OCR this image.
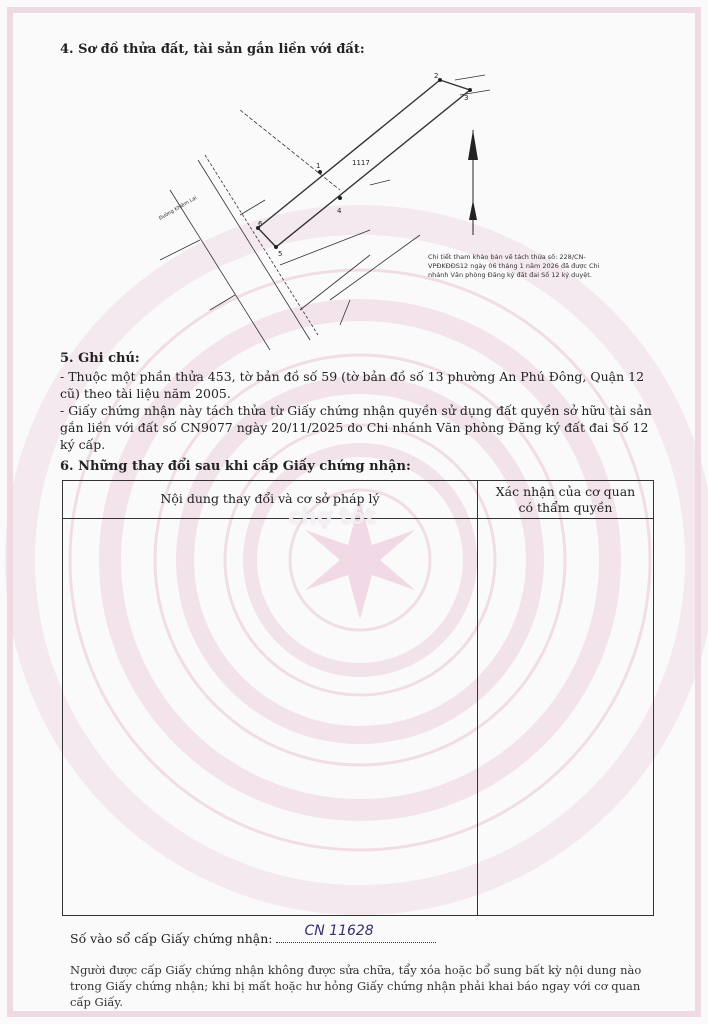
4. Sơ đồ thửa đất, tài sản gắn liền với đất:
1117
1
2
3
4
5
6
Đường Khiêm Lai
Chi tiết tham khảo bản vẽ tách thửa số: 228/CN-VPĐKĐĐS12 ngày 06 tháng 1 năm 2026 đã được Chi nhánh Văn phòng Đăng ký đất đai Số 12 ký duyệt.
5. Ghi chú:
- Thuộc một phần thửa 453, tờ bản đồ số 59 (tờ bản đồ số 13 phường An Phú Đông, Quận 12 cũ) theo tài liệu năm 2005.
- Giấy chứng nhận này tách thửa từ Giấy chứng nhận quyền sử dụng đất quyền sở hữu tài sản gắn liền với đất số CN9077 ngày 20/11/2025 do Chi nhánh Văn phòng Đăng ký đất đai Số 12 ký cấp.
6. Những thay đổi sau khi cấp Giấy chứng nhận:
Nội dung thay đổi và cơ sở pháp lý	Xác nhận của cơ quan
có thẩm quyền
chợ tốt
Số vào sổ cấp Giấy chứng nhận: CN 11628
Người được cấp Giấy chứng nhận không được sửa chữa, tẩy xóa hoặc bổ sung bất kỳ nội dung nào trong Giấy chứng nhận; khi bị mất hoặc hư hỏng Giấy chứng nhận phải khai báo ngay với cơ quan cấp Giấy.
